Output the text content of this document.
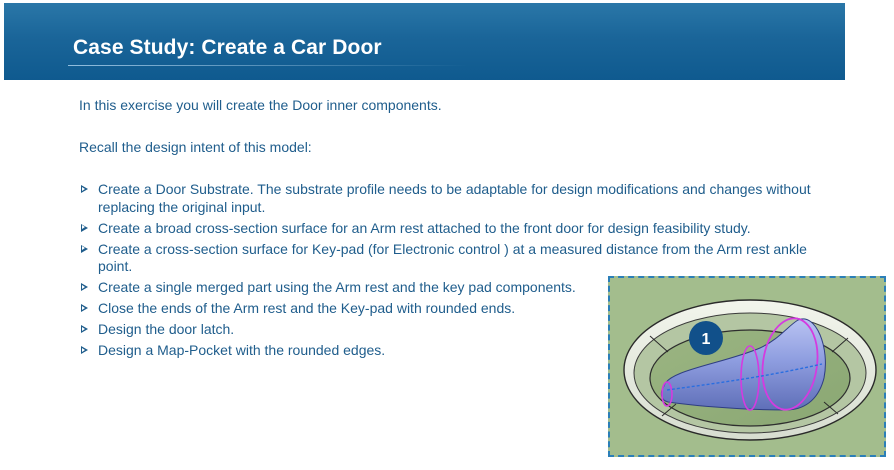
Case Study: Create a Car Door
In this exercise you will create the Door inner components.
Recall the design intent of this model:
Create a Door Substrate. The substrate profile needs to be adaptable for design modifications and changes without replacing the original input.
Create a broad cross-section surface for an Arm rest attached to the front door for design feasibility study.
Create a cross-section surface for Key-pad (for Electronic control ) at a measured distance from the Arm rest ankle point.
Create a single merged part using the Arm rest and the key pad components.
Close the ends of the Arm rest and the Key-pad with rounded ends.
Design the door latch.
Design a Map-Pocket with the rounded edges.
1
